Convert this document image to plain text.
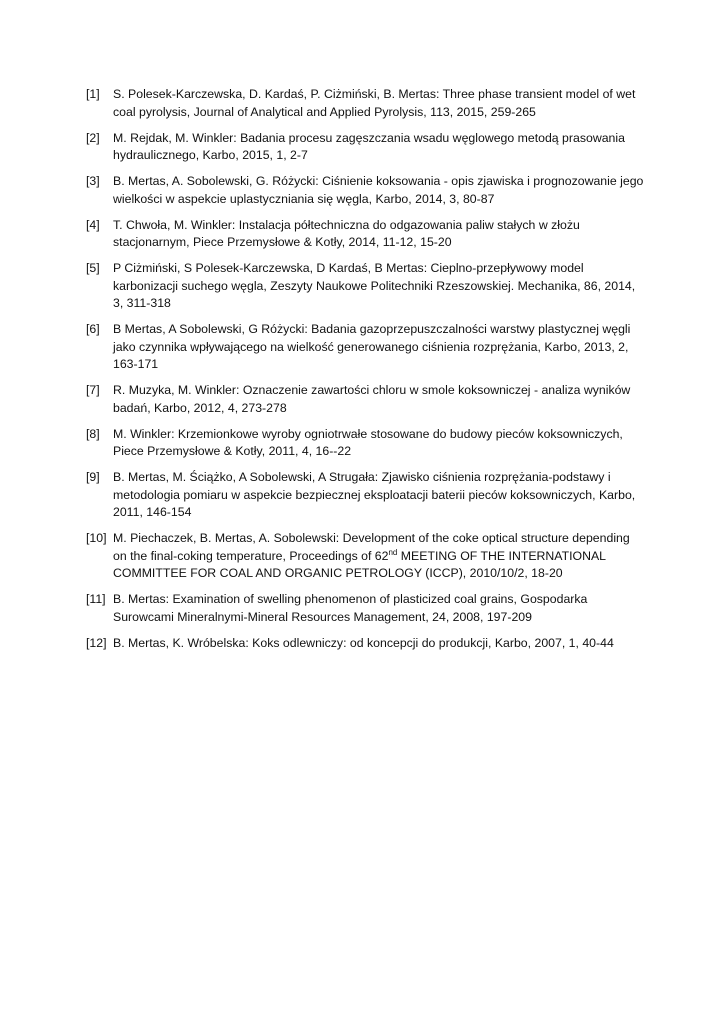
[1]	S. Polesek-Karczewska, D. Kardaś, P. Ciżmiński, B. Mertas: Three phase transient model of wet coal pyrolysis, Journal of Analytical and Applied Pyrolysis, 113, 2015, 259-265
[2]	M. Rejdak, M. Winkler: Badania procesu zagęszczania wsadu węglowego metodą prasowania hydraulicznego, Karbo, 2015, 1, 2-7
[3]	B. Mertas, A. Sobolewski, G. Różycki: Ciśnienie koksowania - opis zjawiska i prognozowanie jego wielkości w aspekcie uplastyczniania się węgla, Karbo, 2014, 3, 80-87
[4]	T. Chwoła, M. Winkler: Instalacja półtechniczna do odgazowania paliw stałych w złożu stacjonarnym, Piece Przemysłowe & Kotły, 2014, 11-12, 15-20
[5]	P Ciżmiński, S Polesek-Karczewska, D Kardaś, B Mertas: Cieplno-przepływowy model karbonizacji suchego węgla, Zeszyty Naukowe Politechniki Rzeszowskiej. Mechanika, 86, 2014, 3, 311-318
[6]	B Mertas, A Sobolewski, G Różycki: Badania gazoprzepuszczalności warstwy plastycznej węgli jako czynnika wpływającego na wielkość generowanego ciśnienia rozprężania, Karbo, 2013, 2, 163-171
[7]	R. Muzyka, M. Winkler: Oznaczenie zawartości chloru w smole koksowniczej - analiza wyników badań, Karbo, 2012, 4, 273-278
[8]	M. Winkler: Krzemionkowe wyroby ogniotrwałe stosowane do budowy pieców koksowniczych, Piece Przemysłowe & Kotły, 2011, 4, 16--22
[9]	B. Mertas, M. Ściążko, A Sobolewski, A Strugała: Zjawisko ciśnienia rozprężania-podstawy i metodologia pomiaru w aspekcie bezpiecznej eksploatacji baterii pieców koksowniczych, Karbo, 2011, 146-154
[10] M. Piechaczek, B. Mertas, A. Sobolewski: Development of the coke optical structure depending on the final-coking temperature, Proceedings of 62nd MEETING OF THE INTERNATIONAL COMMITTEE FOR COAL AND ORGANIC PETROLOGY (ICCP), 2010/10/2, 18-20
[11] B. Mertas: Examination of swelling phenomenon of plasticized coal grains, Gospodarka Surowcami Mineralnymi-Mineral Resources Management, 24, 2008, 197-209
[12] B. Mertas, K. Wróbelska: Koks odlewniczy: od koncepcji do produkcji, Karbo, 2007, 1, 40-44
